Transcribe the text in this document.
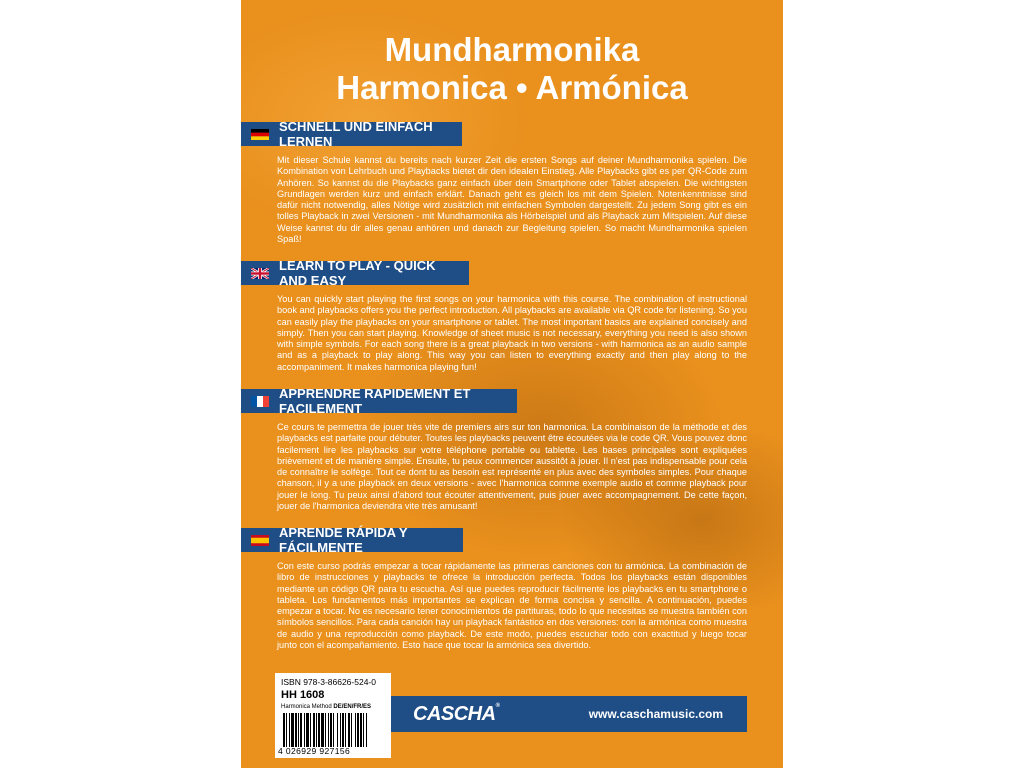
Mundharmonika
Harmonica • Armónica
SCHNELL UND EINFACH LERNEN
Mit dieser Schule kannst du bereits nach kurzer Zeit die ersten Songs auf deiner Mundharmonika spielen. Die Kombination von Lehrbuch und Playbacks bietet dir den idealen Einstieg. Alle Playbacks gibt es per QR-Code zum Anhören. So kannst du die Playbacks ganz einfach über dein Smartphone oder Tablet abspielen. Die wichtigsten Grundlagen werden kurz und einfach erklärt. Danach geht es gleich los mit dem Spielen. Notenkenntnisse sind dafür nicht notwendig, alles Nötige wird zusätzlich mit einfachen Symbolen dargestellt. Zu jedem Song gibt es ein tolles Playback in zwei Versionen - mit Mundharmonika als Hörbeispiel und als Playback zum Mitspielen. Auf diese Weise kannst du dir alles genau anhören und danach zur Begleitung spielen. So macht Mundharmonika spielen Spaß!
LEARN TO PLAY - QUICK AND EASY
You can quickly start playing the first songs on your harmonica with this course. The combination of instructional book and playbacks offers you the perfect introduction. All playbacks are available via QR code for listening. So you can easily play the playbacks on your smartphone or tablet. The most important basics are explained concisely and simply. Then you can start playing. Knowledge of sheet music is not necessary, everything you need is also shown with simple symbols. For each song there is a great playback in two versions - with harmonica as an audio sample and as a playback to play along. This way you can listen to everything exactly and then play along to the accompaniment. It makes harmonica playing fun!
APPRENDRE RAPIDEMENT ET FACILEMENT
Ce cours te permettra de jouer très vite de premiers airs sur ton harmonica. La combinaison de la méthode et des playbacks est parfaite pour débuter. Toutes les playbacks peuvent être écoutées via le code QR. Vous pouvez donc facilement lire les playbacks sur votre téléphone portable ou tablette. Les bases principales sont expliquées brièvement et de manière simple. Ensuite, tu peux commencer aussitôt à jouer. Il n'est pas indispensable pour cela de connaître le solfège. Tout ce dont tu as besoin est représenté en plus avec des symboles simples. Pour chaque chanson, il y a une playback en deux versions - avec l'harmonica comme exemple audio et comme playback pour jouer le long. Tu peux ainsi d'abord tout écouter attentivement, puis jouer avec accompagnement. De cette façon, jouer de l'harmonica deviendra vite très amusant!
APRENDE RÁPIDA Y FÁCILMENTE
Con este curso podrás empezar a tocar rápidamente las primeras canciones con tu armónica. La combinación de libro de instrucciones y playbacks te ofrece la introducción perfecta. Todos los playbacks están disponibles mediante un código QR para tu escucha. Así que puedes reproducir fácilmente los playbacks en tu smartphone o tableta. Los fundamentos más importantes se explican de forma concisa y sencilla. A continuación, puedes empezar a tocar. No es necesario tener conocimientos de partituras, todo lo que necesitas se muestra también con símbolos sencillos. Para cada canción hay un playback fantástico en dos versiones: con la armónica como muestra de audio y una reproducción como playback. De este modo, puedes escuchar todo con exactitud y luego tocar junto con el acompañamiento. Esto hace que tocar la armónica sea divertido.
ISBN 978-3-86626-524-0
HH 1608
Harmonica Method DE/EN/FR/ES
4 026929 927156
CASCHA®
www.caschamusic.com
